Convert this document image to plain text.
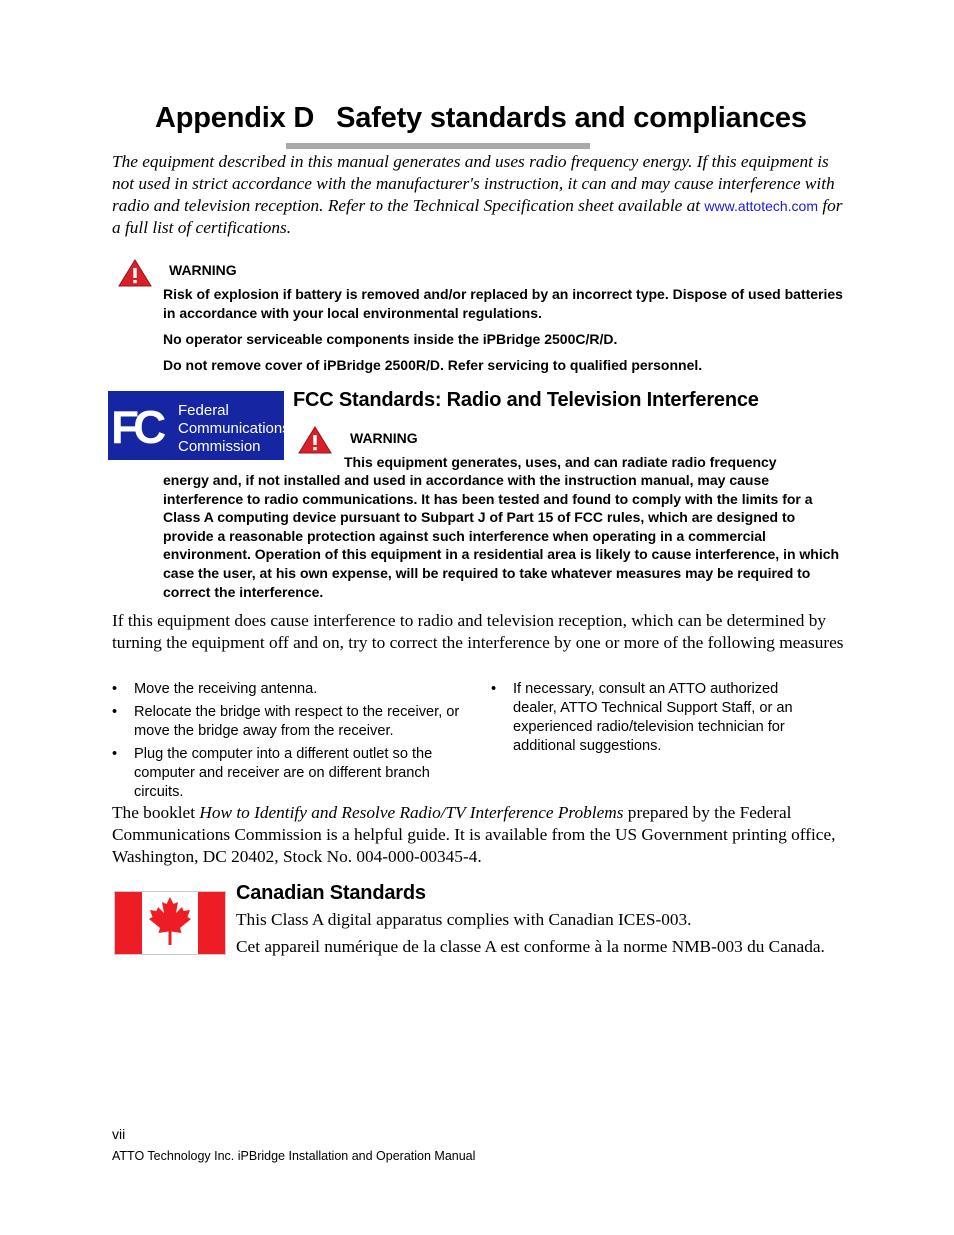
Appendix D Safety standards and compliances
The equipment described in this manual generates and uses radio frequency energy. If this equipment is not used in strict accordance with the manufacturer's instruction, it can and may cause interference with radio and television reception. Refer to the Technical Specification sheet available at www.attotech.com for a full list of certifications.
WARNING
Risk of explosion if battery is removed and/or replaced by an incorrect type. Dispose of used batteries in accordance with your local environmental regulations.
No operator serviceable components inside the iPBridge 2500C/R/D.
Do not remove cover of iPBridge 2500R/D. Refer servicing to qualified personnel.
FC	Federal
Communications
Commission
FCC Standards: Radio and Television Interference
WARNING
This equipment generates, uses, and can radiate radio frequency
energy and, if not installed and used in accordance with the instruction manual, may cause interference to radio communications. It has been tested and found to comply with the limits for a Class A computing device pursuant to Subpart J of Part 15 of FCC rules, which are designed to provide a reasonable protection against such interference when operating in a commercial environment. Operation of this equipment in a residential area is likely to cause interference, in which case the user, at his own expense, will be required to take whatever measures may be required to correct the interference.
If this equipment does cause interference to radio and television reception, which can be determined by turning the equipment off and on, try to correct the interference by one or more of the following measures
• Move the receiving antenna.
• Relocate the bridge with respect to the receiver, or move the bridge away from the receiver.
• Plug the computer into a different outlet so the computer and receiver are on different branch circuits.
• If necessary, consult an ATTO authorized dealer, ATTO Technical Support Staff, or an experienced radio/television technician for additional suggestions.
The booklet How to Identify and Resolve Radio/TV Interference Problems prepared by the Federal Communications Commission is a helpful guide. It is available from the US Government printing office, Washington, DC 20402, Stock No. 004-000-00345-4.
Canadian Standards
This Class A digital apparatus complies with Canadian ICES-003.
Cet appareil numérique de la classe A est conforme à la norme NMB-003 du Canada.
vii
ATTO Technology Inc. iPBridge Installation and Operation Manual
